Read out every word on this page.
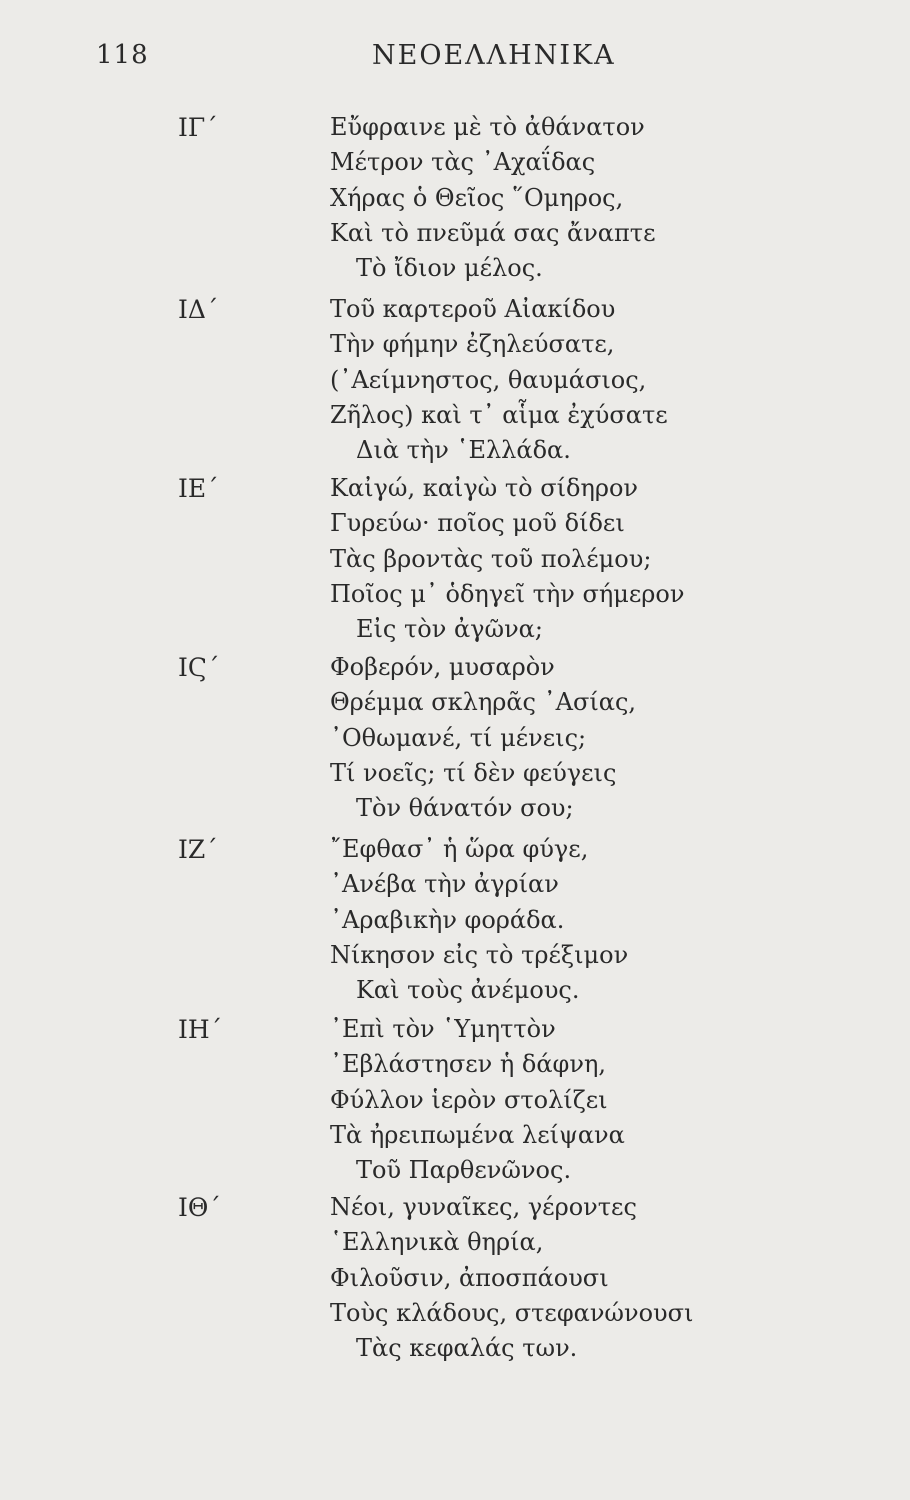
118	ΝΕΟΕΛΛΗΝΙΚΑ
ΙΓ΄	Εὔφραινε μὲ τὸ ἀθάνατον
Μέτρον τὰς ᾿Αχαΐδας
Χήρας ὁ Θεῖος ῞Ομηρος,
Καὶ τὸ πνεῦμά σας ἄναπτε
Τὸ ἴδιον μέλος.
ΙΔ΄	Τοῦ καρτεροῦ Αἰακίδου
Τὴν φήμην ἐζηλεύσατε,
(᾿Αείμνηστος, θαυμάσιος,
Ζῆλος) καὶ τ᾿ αἷμα ἐχύσατε
Διὰ τὴν ῾Ελλάδα.
ΙΕ΄	Καἰγώ, καἰγὼ τὸ σίδηρον
Γυρεύω· ποῖος μοῦ δίδει
Τὰς βροντὰς τοῦ πολέμου;
Ποῖος μ᾿ ὁδηγεῖ τὴν σήμερον
Εἰς τὸν ἀγῶνα;
ΙϚ΄	Φοβερόν, μυσαρὸν
Θρέμμα σκληρᾶς ᾿Ασίας,
᾿Οθωμανέ, τί μένεις;
Τί νοεῖς; τί δὲν φεύγεις
Τὸν θάνατόν σου;
ΙΖ΄	῎Εφθασ᾿ ἡ ὥρα φύγε,
᾿Ανέβα τὴν ἀγρίαν
᾿Αραβικὴν φοράδα.
Νίκησον εἰς τὸ τρέξιμον
Καὶ τοὺς ἀνέμους.
ΙΗ΄	᾿Επὶ τὸν ῾Υμηττὸν
᾿Εβλάστησεν ἡ δάφνη,
Φύλλον ἱερὸν στολίζει
Τὰ ἠρειπωμένα λείψανα
Τοῦ Παρθενῶνος.
ΙΘ΄	Νέοι, γυναῖκες, γέροντες
῾Ελληνικὰ θηρία,
Φιλοῦσιν, ἀποσπάουσι
Τοὺς κλάδους, στεφανώνουσι
Τὰς κεφαλάς των.
